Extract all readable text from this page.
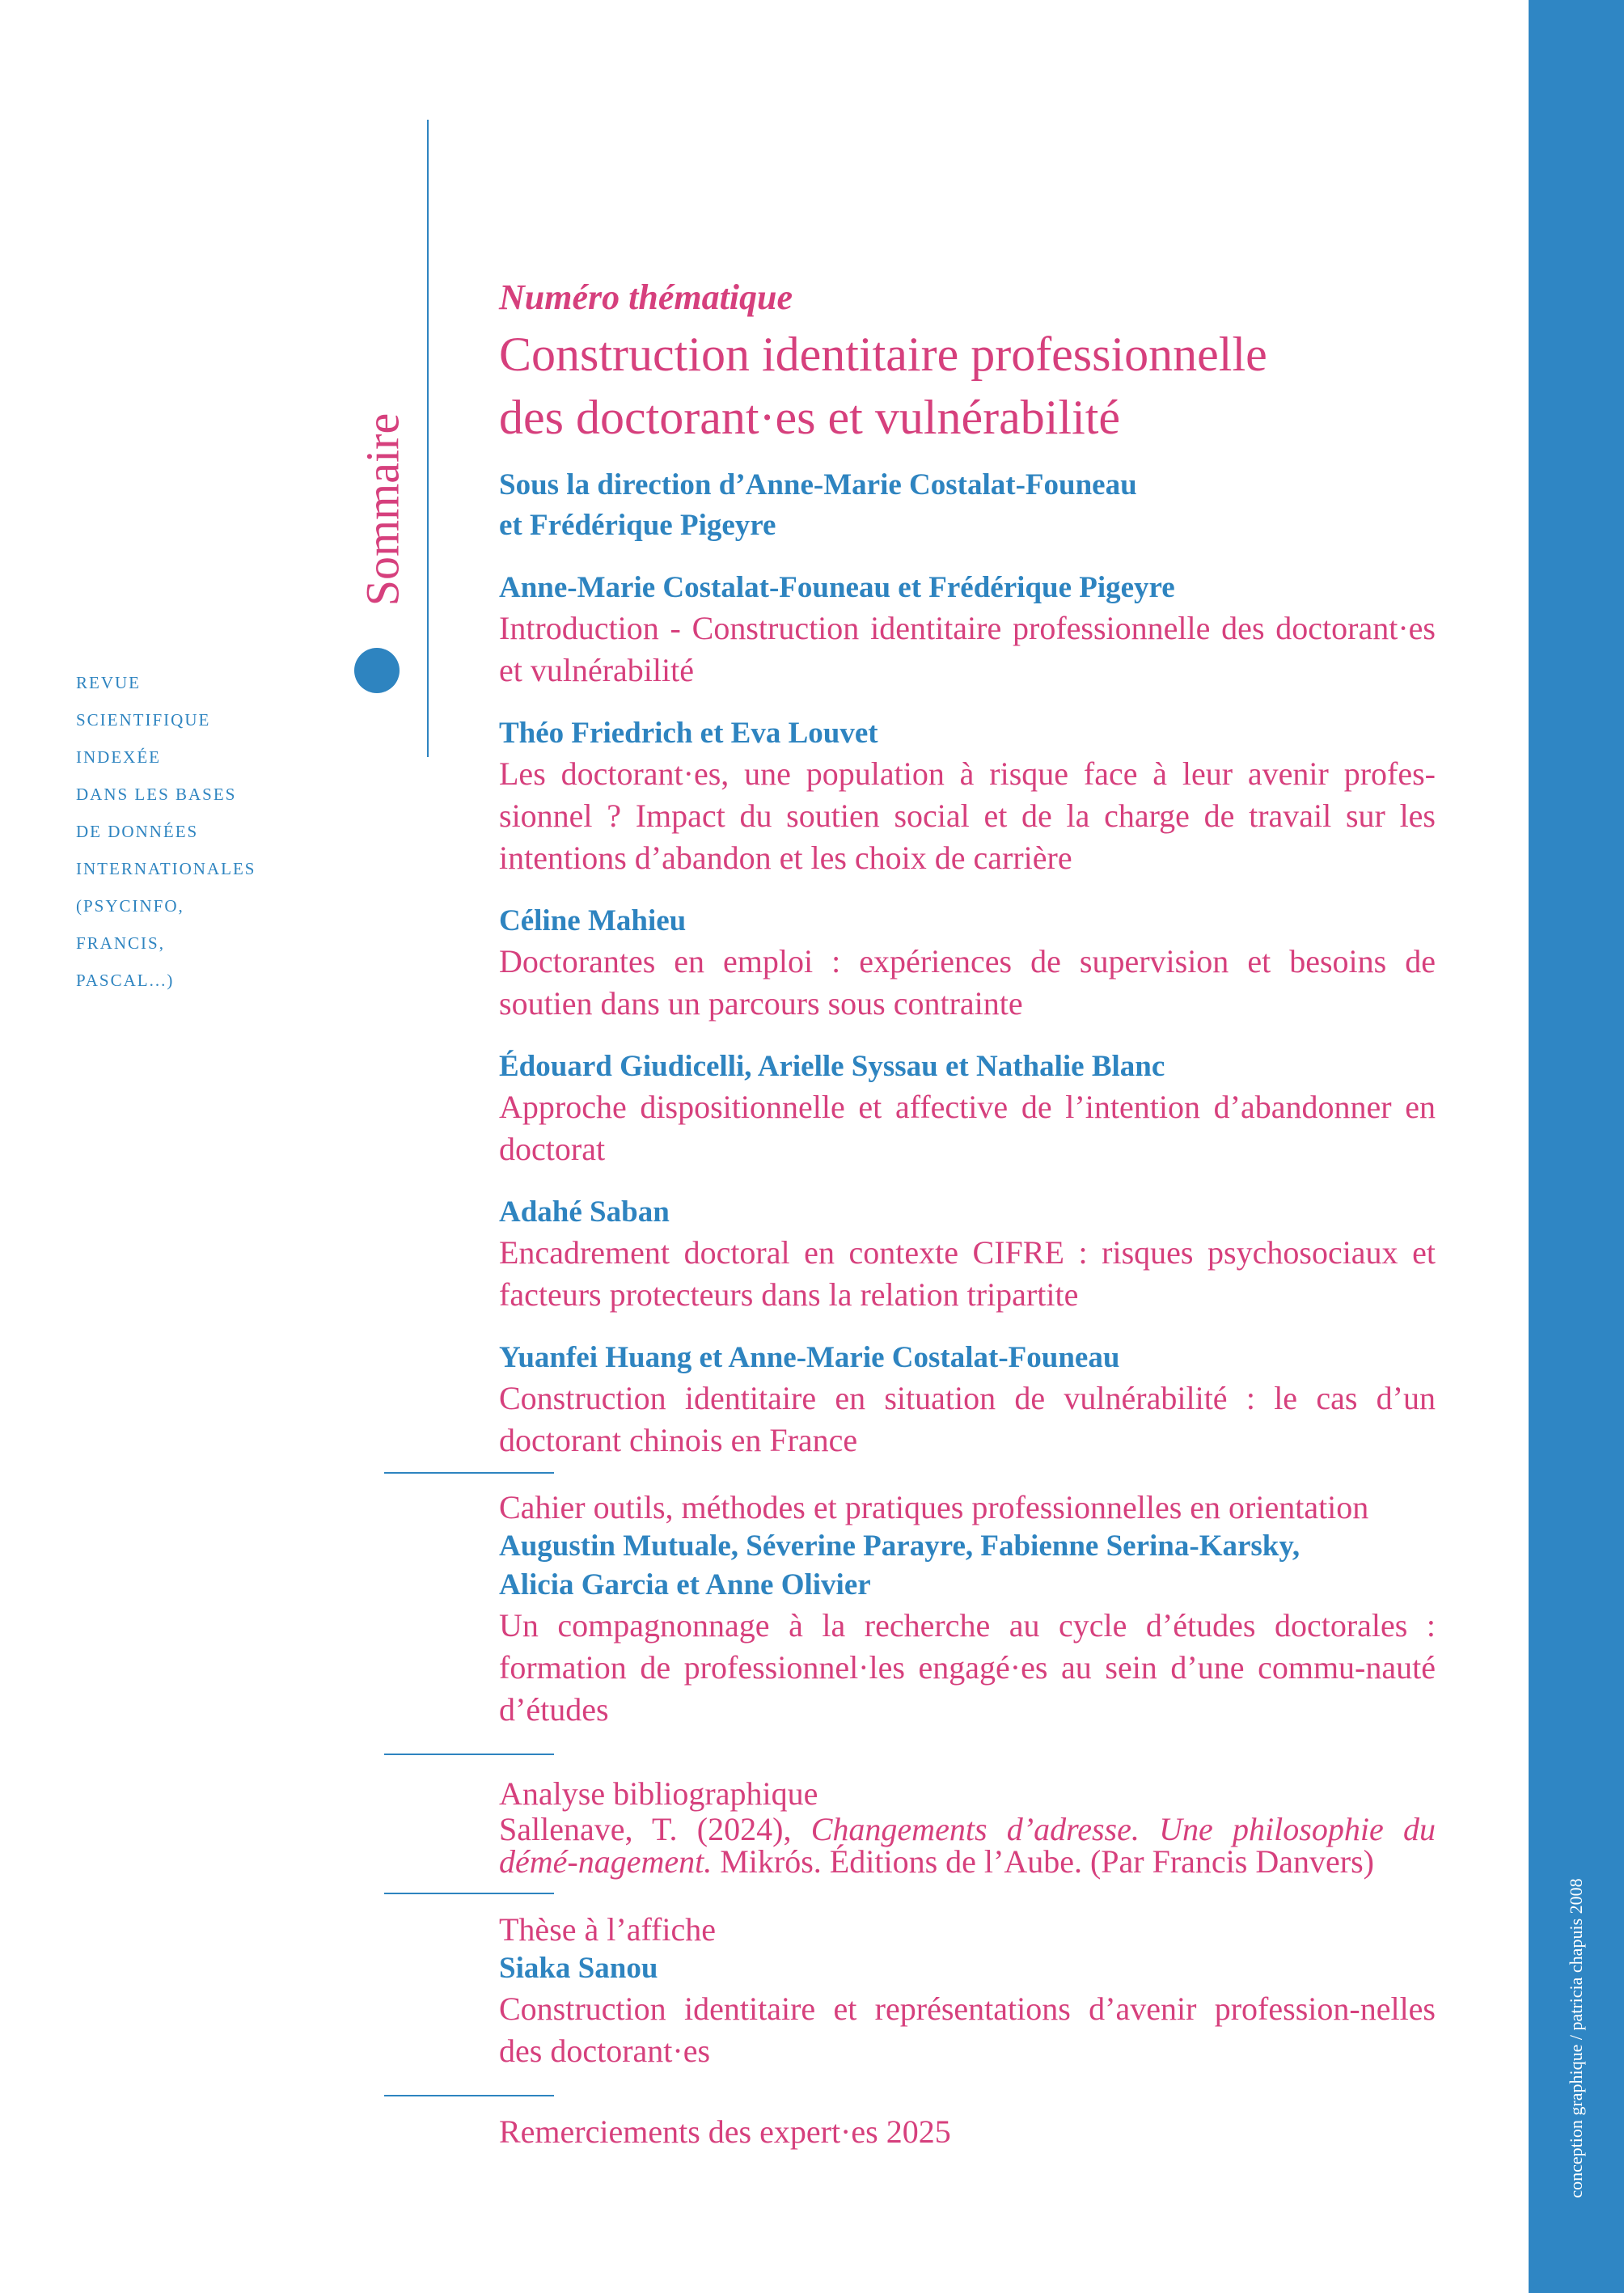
conception graphique / patricia chapuis 2008
Sommaire
REVUE
SCIENTIFIQUE
INDEXÉE
DANS LES BASES
DE DONNÉES
INTERNATIONALES
(PSYCINFO,
FRANCIS,
PASCAL...)
Numéro thématique
Construction identitaire professionnelle
des doctorant·es et vulnérabilité
Sous la direction d’Anne-Marie Costalat-Founeau
et Frédérique Pigeyre
Anne-Marie Costalat-Founeau et Frédérique Pigeyre
Introduction - Construction identitaire professionnelle des doctorant·es et vulnérabilité
Théo Friedrich et Eva Louvet
Les doctorant·es, une population à risque face à leur avenir profes-sionnel ? Impact du soutien social et de la charge de travail sur les intentions d’abandon et les choix de carrière
Céline Mahieu
Doctorantes en emploi : expériences de supervision et besoins de soutien dans un parcours sous contrainte
Édouard Giudicelli, Arielle Syssau et Nathalie Blanc
Approche dispositionnelle et affective de l’intention d’abandonner en doctorat
Adahé Saban
Encadrement doctoral en contexte CIFRE : risques psychosociaux et facteurs protecteurs dans la relation tripartite
Yuanfei Huang et Anne-Marie Costalat-Founeau
Construction identitaire en situation de vulnérabilité : le cas d’un doctorant chinois en France
Cahier outils, méthodes et pratiques professionnelles en orientation
Augustin Mutuale, Séverine Parayre, Fabienne Serina-Karsky,
Alicia Garcia et Anne Olivier
Un compagnonnage à la recherche au cycle d’études doctorales : formation de professionnel·les engagé·es au sein d’une commu-nauté d’études
Analyse bibliographique
Sallenave, T. (2024), Changements d’adresse. Une philosophie du démé-nagement. Mikrós. Éditions de l’Aube. (Par Francis Danvers)
Thèse à l’affiche
Siaka Sanou
Construction identitaire et représentations d’avenir profession-nelles des doctorant·es
Remerciements des expert·es 2025
